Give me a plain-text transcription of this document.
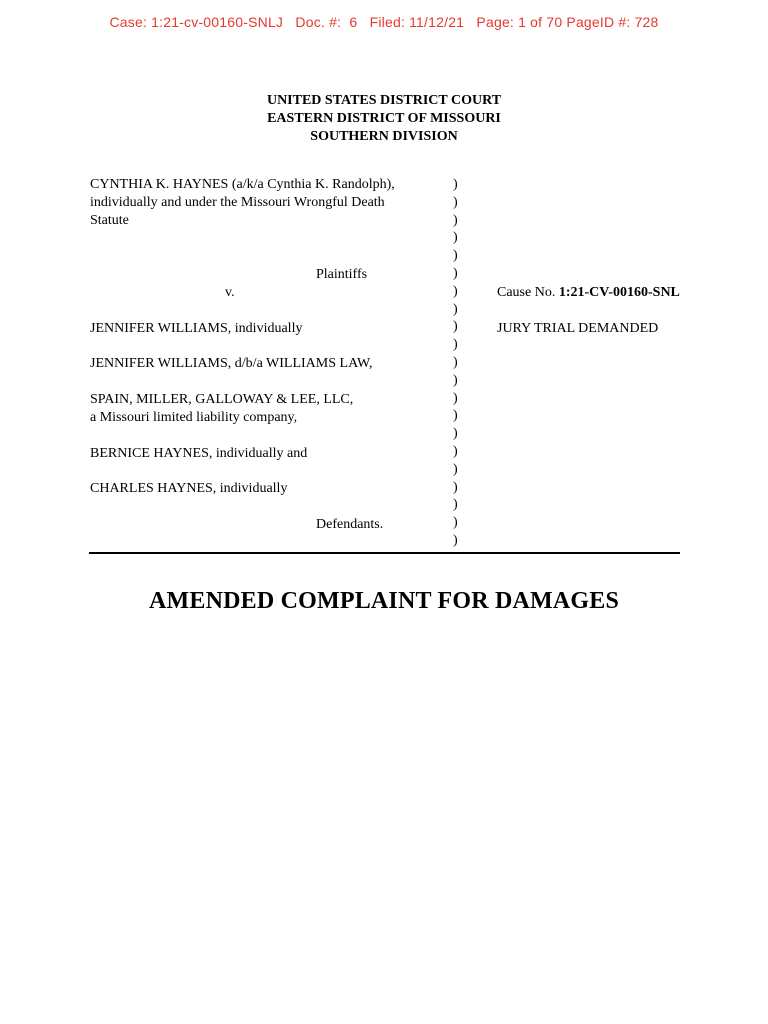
Case: 1:21-cv-00160-SNLJ   Doc. #:  6   Filed: 11/12/21   Page: 1 of 70 PageID #: 728
UNITED STATES DISTRICT COURT
EASTERN DISTRICT OF MISSOURI
SOUTHERN DIVISION
CYNTHIA K. HAYNES (a/k/a Cynthia K. Randolph),
individually and under the Missouri Wrongful Death
Statute
Plaintiffs
v.
JENNIFER WILLIAMS, individually
JENNIFER WILLIAMS, d/b/a WILLIAMS LAW,
SPAIN, MILLER, GALLOWAY & LEE, LLC,
a Missouri limited liability company,
BERNICE HAYNES, individually and
CHARLES HAYNES, individually
Defendants.
)
)
)
)
)
)
)
)
)
)
)
)
)
)
)
)
)
)
)
)
)
Cause No. 1:21-CV-00160-SNL
JURY TRIAL DEMANDED
AMENDED COMPLAINT FOR DAMAGES
